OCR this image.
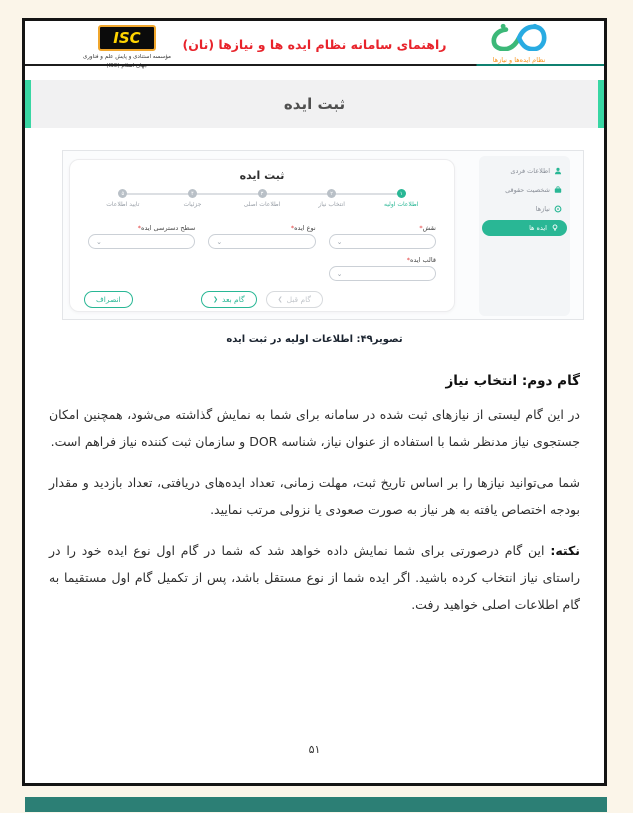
ISC
مؤسسه استنادی و پایش علم و فناوری
راهنمای سامانه نظام ایده ها و نیازها (نان)
نظام ایده‌ها و نیازها
ثبت ایده
اطلاعات فردی
شخصیت حقوقی
نیازها
ایده ها
ثبت ایده
۱
اطلاعات اولیه
۲
انتخاب نیاز
۳
اطلاعات اصلی
۴
جزئیات
۵
تایید اطلاعات
نقش*
⌄
نوع ایده*
⌄
سطح دسترسی ایده*
⌄
قالب ایده*
⌄
گام قبل
❯
گام بعد
❮
انصراف
تصویر۴۹: اطلاعات اولیه در ثبت ایده
گام دوم: انتخاب نیاز

در این گام لیستی از نیازهای ثبت شده در سامانه برای شما به نمایش گذاشته می‌شود، همچنین امکان جستجوی نیاز مدنظر شما با استفاده از عنوان نیاز، شناسه DOR و سازمان ثبت کننده نیاز فراهم است.

شما می‌توانید نیازها را بر اساس تاریخ ثبت، مهلت زمانی، تعداد ایده‌های دریافتی، تعداد بازدید و مقدار بودجه اختصاص یافته به هر نیاز به صورت صعودی یا نزولی مرتب نمایید.

نکته: این گام درصورتی برای شما نمایش داده خواهد شد که شما در گام اول نوع ایده خود را در راستای نیاز انتخاب کرده باشید. اگر ایده شما از نوع مستقل باشد، پس از تکمیل گام اول مستقیما به گام اطلاعات اصلی خواهید رفت.

۵۱
